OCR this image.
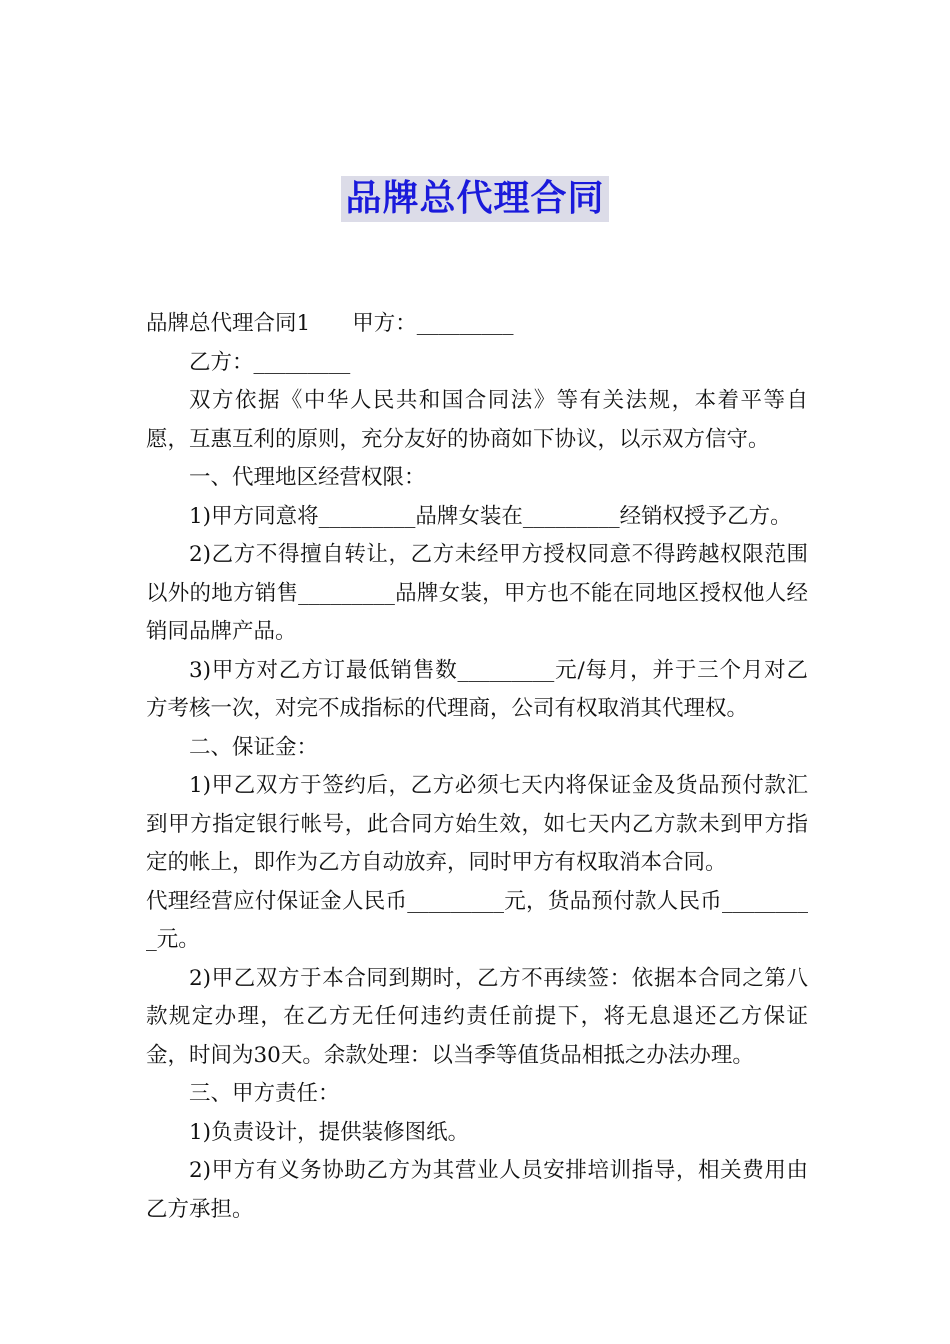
品牌总代理合同

品牌总代理合同1 甲方：_________

乙方：_________

双方依据《中华人民共和国合同法》等有关法规，本着平等自愿，互惠互利的原则，充分友好的协商如下协议，以示双方信守。

一、代理地区经营权限：

1)甲方同意将_________品牌女装在_________经销权授予乙方。

2)乙方不得擅自转让，乙方未经甲方授权同意不得跨越权限范围以外的地方销售_________品牌女装，甲方也不能在同地区授权他人经销同品牌产品。

3)甲方对乙方订最低销售数_________元/每月，并于三个月对乙方考核一次，对完不成指标的代理商，公司有权取消其代理权。

二、保证金：

1)甲乙双方于签约后，乙方必须七天内将保证金及货品预付款汇到甲方指定银行帐号，此合同方始生效，如七天内乙方款未到甲方指定的帐上，即作为乙方自动放弃，同时甲方有权取消本合同。

代理经营应付保证金人民币_________元，货品预付款人民币_________元。

2)甲乙双方于本合同到期时，乙方不再续签：依据本合同之第八款规定办理，在乙方无任何违约责任前提下，将无息退还乙方保证金，时间为30天。余款处理：以当季等值货品相抵之办法办理。

三、甲方责任：

1)负责设计，提供装修图纸。

2)甲方有义务协助乙方为其营业人员安排培训指导，相关费用由乙方承担。
